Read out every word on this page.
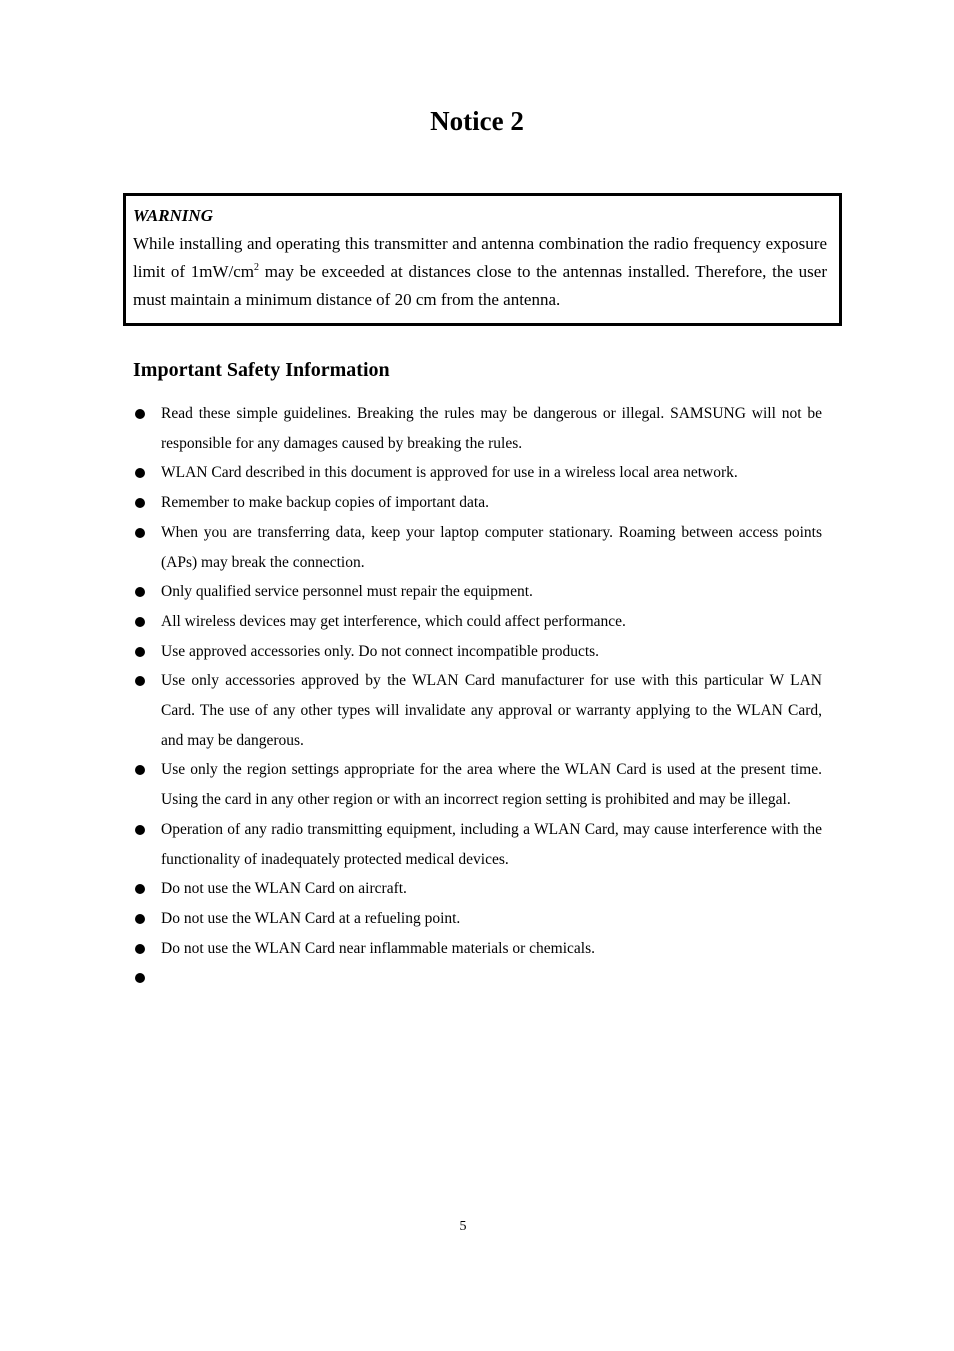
Notice 2

WARNING

While installing and operating this transmitter and antenna combination the radio frequency exposure limit of $1mW/cm^2$ may be exceeded at distances close to the antennas installed. Therefore, the user must maintain a minimum distance of 20 cm from the antenna.

Important Safety Information
Read these simple guidelines. Breaking the rules may be dangerous or illegal. SAMSUNG will not be responsible for any damages caused by breaking the rules.
WLAN Card described in this document is approved for use in a wireless local area network.
Remember to make backup copies of important data.
When you are transferring data, keep your laptop computer stationary. Roaming between access points (APs) may break the connection.
Only qualified service personnel must repair the equipment.
All wireless devices may get interference, which could affect performance.
Use approved accessories only. Do not connect incompatible products.
Use only accessories approved by the WLAN Card manufacturer for use with this particular W LAN Card. The use of any other types will invalidate any approval or warranty applying to the WLAN Card, and may be dangerous.
Use only the region settings appropriate for the area where the WLAN Card is used at the present time. Using the card in any other region or with an incorrect region setting is prohibited and may be illegal.
Operation of any radio transmitting equipment, including a WLAN Card, may cause interference with the functionality of inadequately protected medical devices.
Do not use the WLAN Card on aircraft.
Do not use the WLAN Card at a refueling point.
Do not use the WLAN Card near inflammable materials or chemicals.
5
